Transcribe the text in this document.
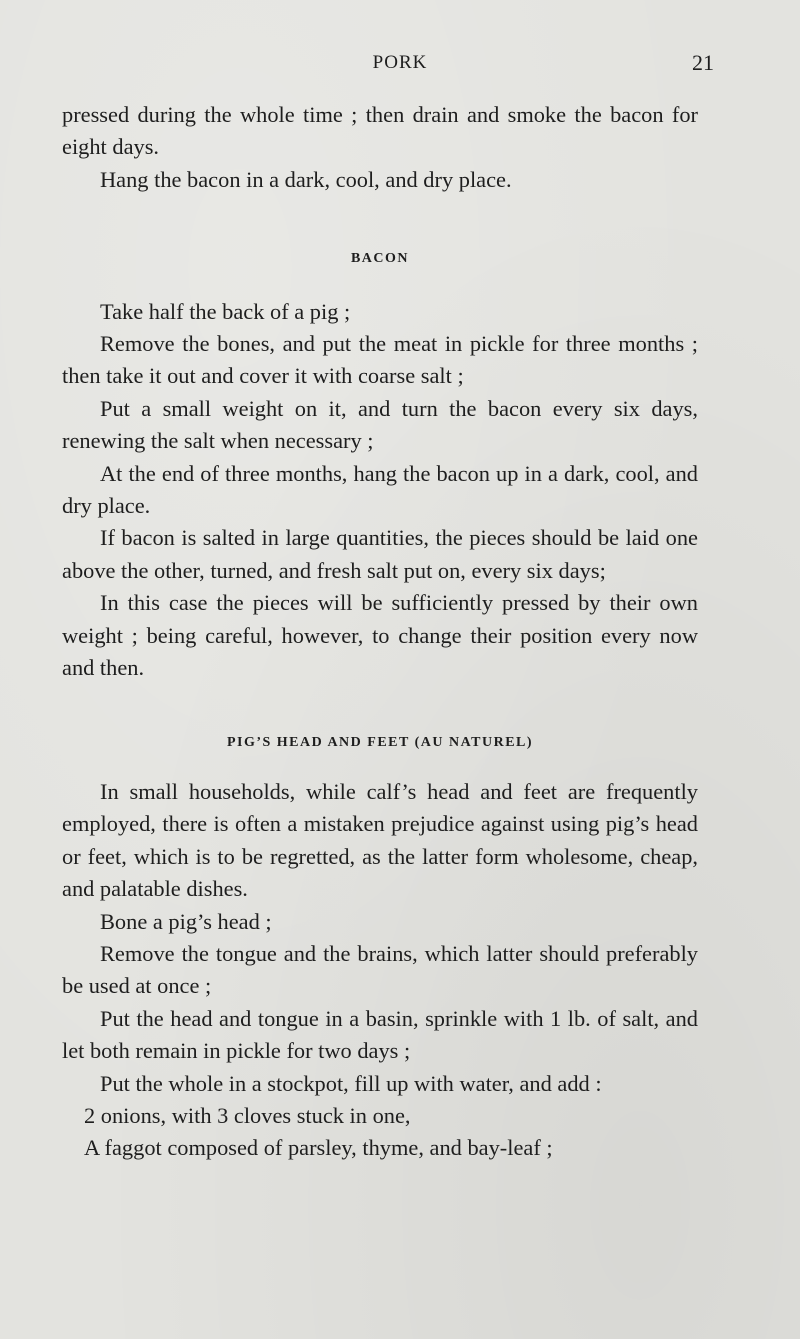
PORK	21

pressed during the whole time ; then drain and smoke the bacon for eight days.

Hang the bacon in a dark, cool, and dry place.

BACON

Take half the back of a pig ;

Remove the bones, and put the meat in pickle for three months ; then take it out and cover it with coarse salt ;

Put a small weight on it, and turn the bacon every six days, renewing the salt when necessary ;

At the end of three months, hang the bacon up in a dark, cool, and dry place.

If bacon is salted in large quantities, the pieces should be laid one above the other, turned, and fresh salt put on, every six days;

In this case the pieces will be sufficiently pressed by their own weight ; being careful, however, to change their position every now and then.

PIG’S HEAD AND FEET (AU NATUREL)

In small households, while calf’s head and feet are frequently employed, there is often a mistaken prejudice against using pig’s head or feet, which is to be regretted, as the latter form wholesome, cheap, and palatable dishes.

Bone a pig’s head ;

Remove the tongue and the brains, which latter should preferably be used at once ;

Put the head and tongue in a basin, sprinkle with 1 lb. of salt, and let both remain in pickle for two days ;

Put the whole in a stockpot, fill up with water, and add :

2 onions, with 3 cloves stuck in one,

A faggot composed of parsley, thyme, and bay-leaf ;
